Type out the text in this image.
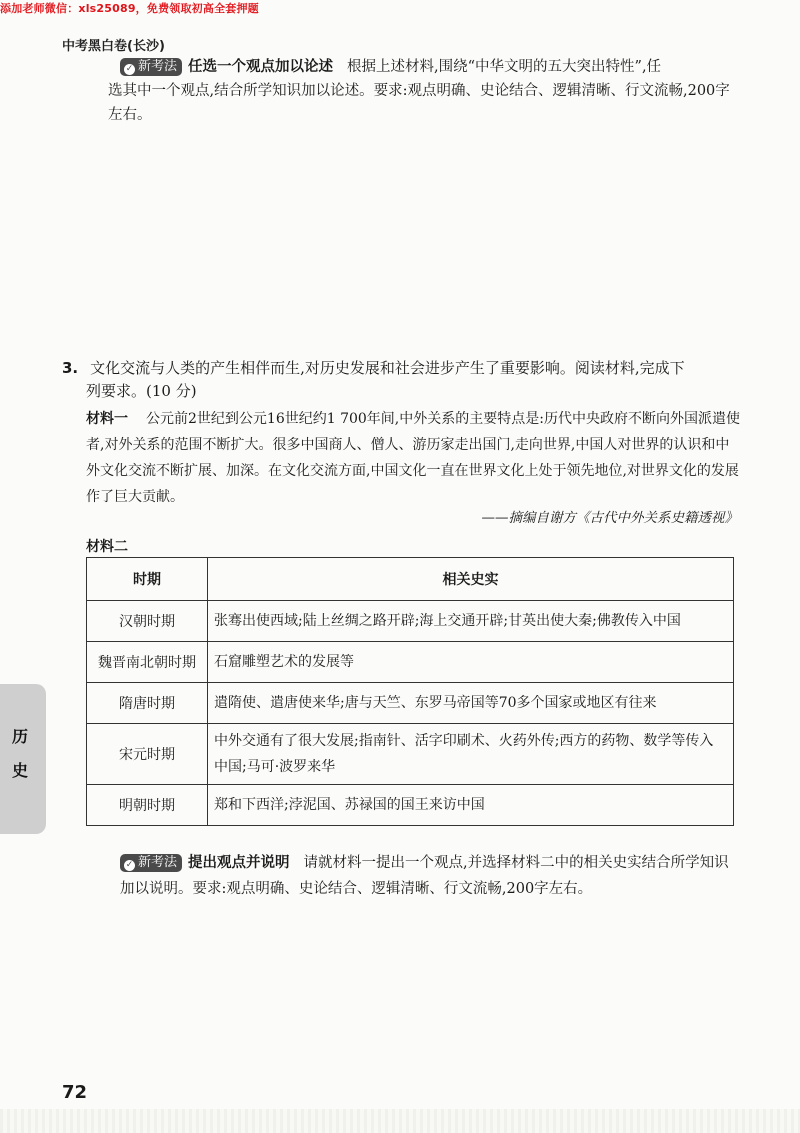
添加老师微信：xls25089，免费领取初高全套押题
中考黑白卷(长沙)
✓ 新考法 任选一个观点加以论述 根据上述材料,围绕“中华文明的五大突出特性”,任
选其中一个观点,结合所学知识加以论述。要求:观点明确、史论结合、逻辑清晰、行文流畅,200字左右。
3. 文化交流与人类的产生相伴而生,对历史发展和社会进步产生了重要影响。阅读材料,完成下
列要求。(10 分)
材料一 公元前2世纪到公元16世纪约1 700年间,中外关系的主要特点是:历代中央政府不断向外国派遣使者,对外关系的范围不断扩大。很多中国商人、僧人、游历家走出国门,走向世界,中国人对世界的认识和中外文化交流不断扩展、加深。在文化交流方面,中国文化一直在世界文化上处于领先地位,对世界文化的发展作了巨大贡献。
——摘编自谢方《古代中外关系史籍透视》
材料二
时期	相关史实
汉朝时期	张骞出使西域;陆上丝绸之路开辟;海上交通开辟;甘英出使大秦;佛教传入中国
魏晋南北朝时期	石窟雕塑艺术的发展等
隋唐时期	遣隋使、遣唐使来华;唐与天竺、东罗马帝国等70多个国家或地区有往来
宋元时期	中外交通有了很大发展;指南针、活字印刷术、火药外传;西方的药物、数学等传入中国;马可·波罗来华
明朝时期	郑和下西洋;浡泥国、苏禄国的国王来访中国
✓ 新考法 提出观点并说明 请就材料一提出一个观点,并选择材料二中的相关史实结合所学知识加以说明。要求:观点明确、史论结合、逻辑清晰、行文流畅,200字左右。
历
史
72
